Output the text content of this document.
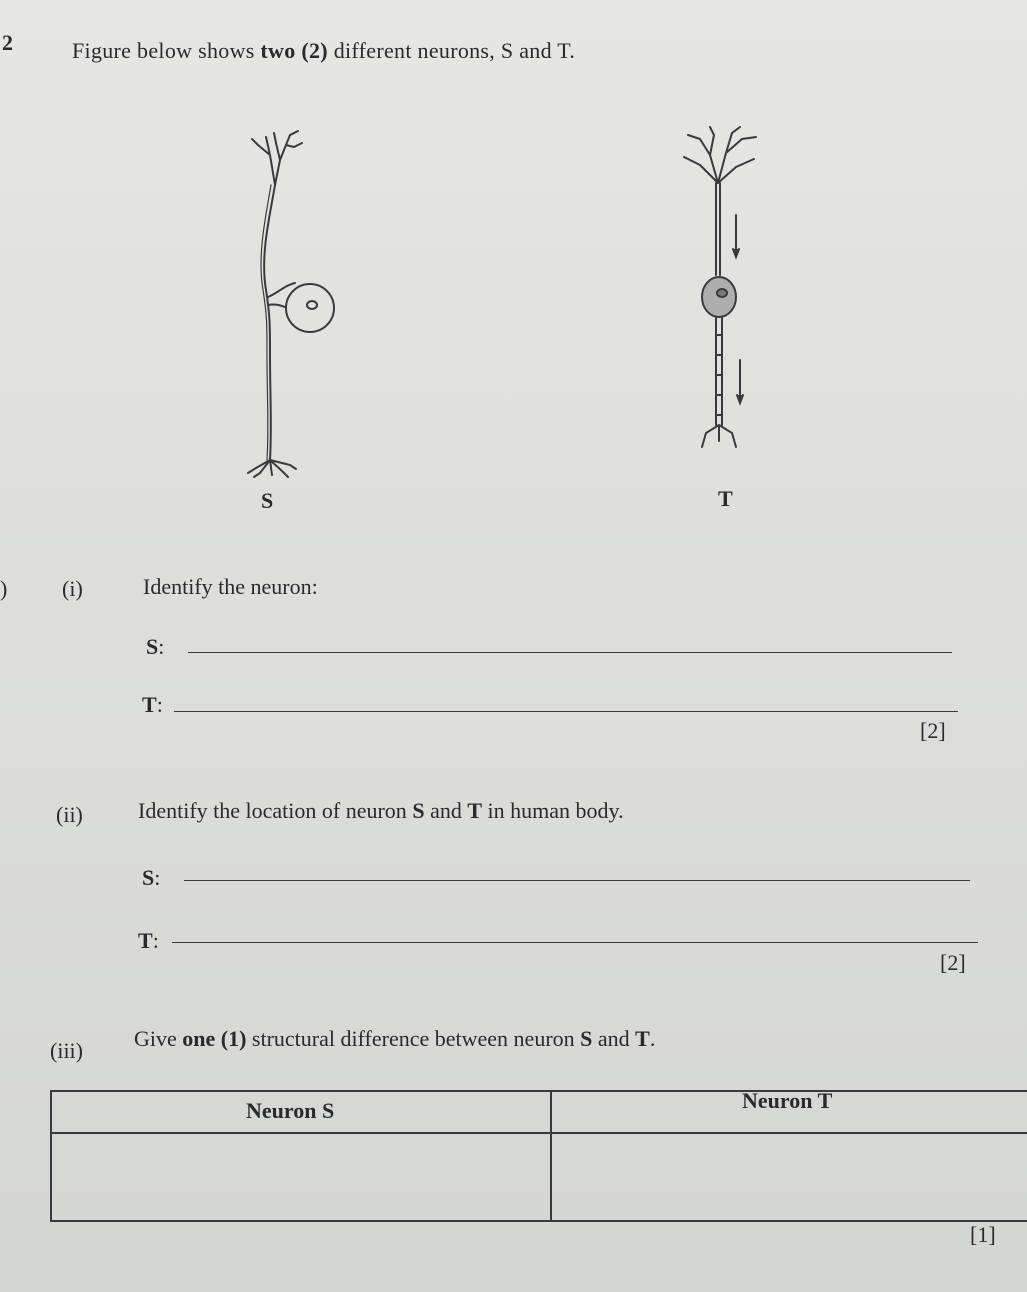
2	Figure below shows two (2) different neurons, S and T.
S	T
) (i)	Identify the neuron:
S:
T:
[2]
(ii)	Identify the location of neuron S and T in human body.
S:
T:
[2]
(iii) Give one (1) structural difference between neuron S and T.
Neuron S	Neuron T
[1]
